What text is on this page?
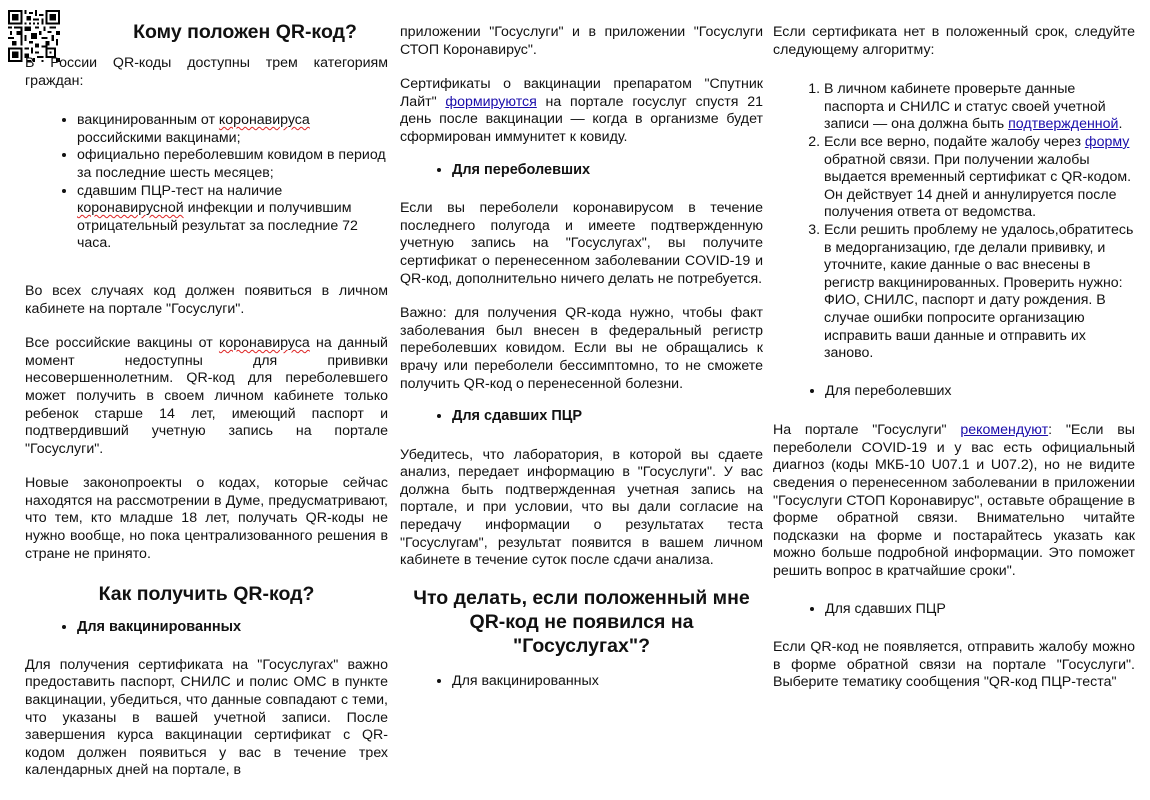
Кому положен QR-код?

В России QR-коды доступны трем категориям граждан:

• вакцинированным от коронавируса российскими вакцинами;
• официально переболевшим ковидом в период за последние шесть месяцев;
• сдавшим ПЦР-тест на наличие коронавирусной инфекции и получившим отрицательный результат за последние 72 часа.

Во всех случаях код должен появиться в личном кабинете на портале "Госуслуги".

Все российские вакцины от коронавируса на данный момент недоступны для прививки несовершеннолетним. QR-код для переболевшего может получить в своем личном кабинете только ребенок старше 14 лет, имеющий паспорт и подтвердивший учетную запись на портале "Госуслуги".

Новые законопроекты о кодах, которые сейчас находятся на рассмотрении в Думе, предусматривают, что тем, кто младше 18 лет, получать QR-коды не нужно вообще, но пока централизованного решения в стране не принято.

Как получить QR-код?
• Для вакцинированных

Для получения сертификата на "Госуслугах" важно предоставить паспорт, СНИЛС и полис ОМС в пункте вакцинации, убедиться, что данные совпадают с теми, что указаны в вашей учетной записи. После завершения курса вакцинации сертификат с QR-кодом должен появиться у вас в течение трех календарных дней на портале, в

приложении "Госуслуги" и в приложении "Госуслуги СТОП Коронавирус".

Сертификаты о вакцинации препаратом "Спутник Лайт" формируются на портале госуслуг спустя 21 день после вакцинации — когда в организме будет сформирован иммунитет к ковиду.

• Для переболевших

Если вы переболели коронавирусом в течение последнего полугода и имеете подтвержденную учетную запись на "Госуслугах", вы получите сертификат о перенесенном заболевании COVID-19 и QR-код, дополнительно ничего делать не потребуется.

Важно: для получения QR-кода нужно, чтобы факт заболевания был внесен в федеральный регистр переболевших ковидом. Если вы не обращались к врачу или переболели бессимптомно, то не сможете получить QR-код о перенесенной болезни.

• Для сдавших ПЦР

Убедитесь, что лаборатория, в которой вы сдаете анализ, передает информацию в "Госуслуги". У вас должна быть подтвержденная учетная запись на портале, и при условии, что вы дали согласие на передачу информации о результатах теста "Госуслугам", результат появится в вашем личном кабинете в течение суток после сдачи анализа.

Что делать, если положенный мне QR-код не появился на "Госуслугах"?
• Для вакцинированных

Если сертификата нет в положенный срок, следуйте следующему алгоритму:

1. В личном кабинете проверьте данные паспорта и СНИЛС и статус своей учетной записи — она должна быть подтвержденной.
2. Если все верно, подайте жалобу через форму обратной связи. При получении жалобы выдается временный сертификат с QR-кодом. Он действует 14 дней и аннулируется после получения ответа от ведомства.
3. Если решить проблему не удалось,обратитесь в медорганизацию, где делали прививку, и уточните, какие данные о вас внесены в регистр вакцинированных. Проверить нужно: ФИО, СНИЛС, паспорт и дату рождения. В случае ошибки попросите организацию исправить ваши данные и отправить их заново.
• Для переболевших

На портале "Госуслуги" рекомендуют: "Если вы переболели COVID-19 и у вас есть официальный диагноз (коды МКБ-10 U07.1 и U07.2), но не видите сведения о перенесенном заболевании в приложении "Госуслуги СТОП Коронавирус", оставьте обращение в форме обратной связи. Внимательно читайте подсказки на форме и постарайтесь указать как можно больше подробной информации. Это поможет решить вопрос в кратчайшие сроки".

• Для сдавших ПЦР

Если QR-код не появляется, отправить жалобу можно в форме обратной связи на портале "Госуслуги". Выберите тематику сообщения "QR-код ПЦР-теста"
